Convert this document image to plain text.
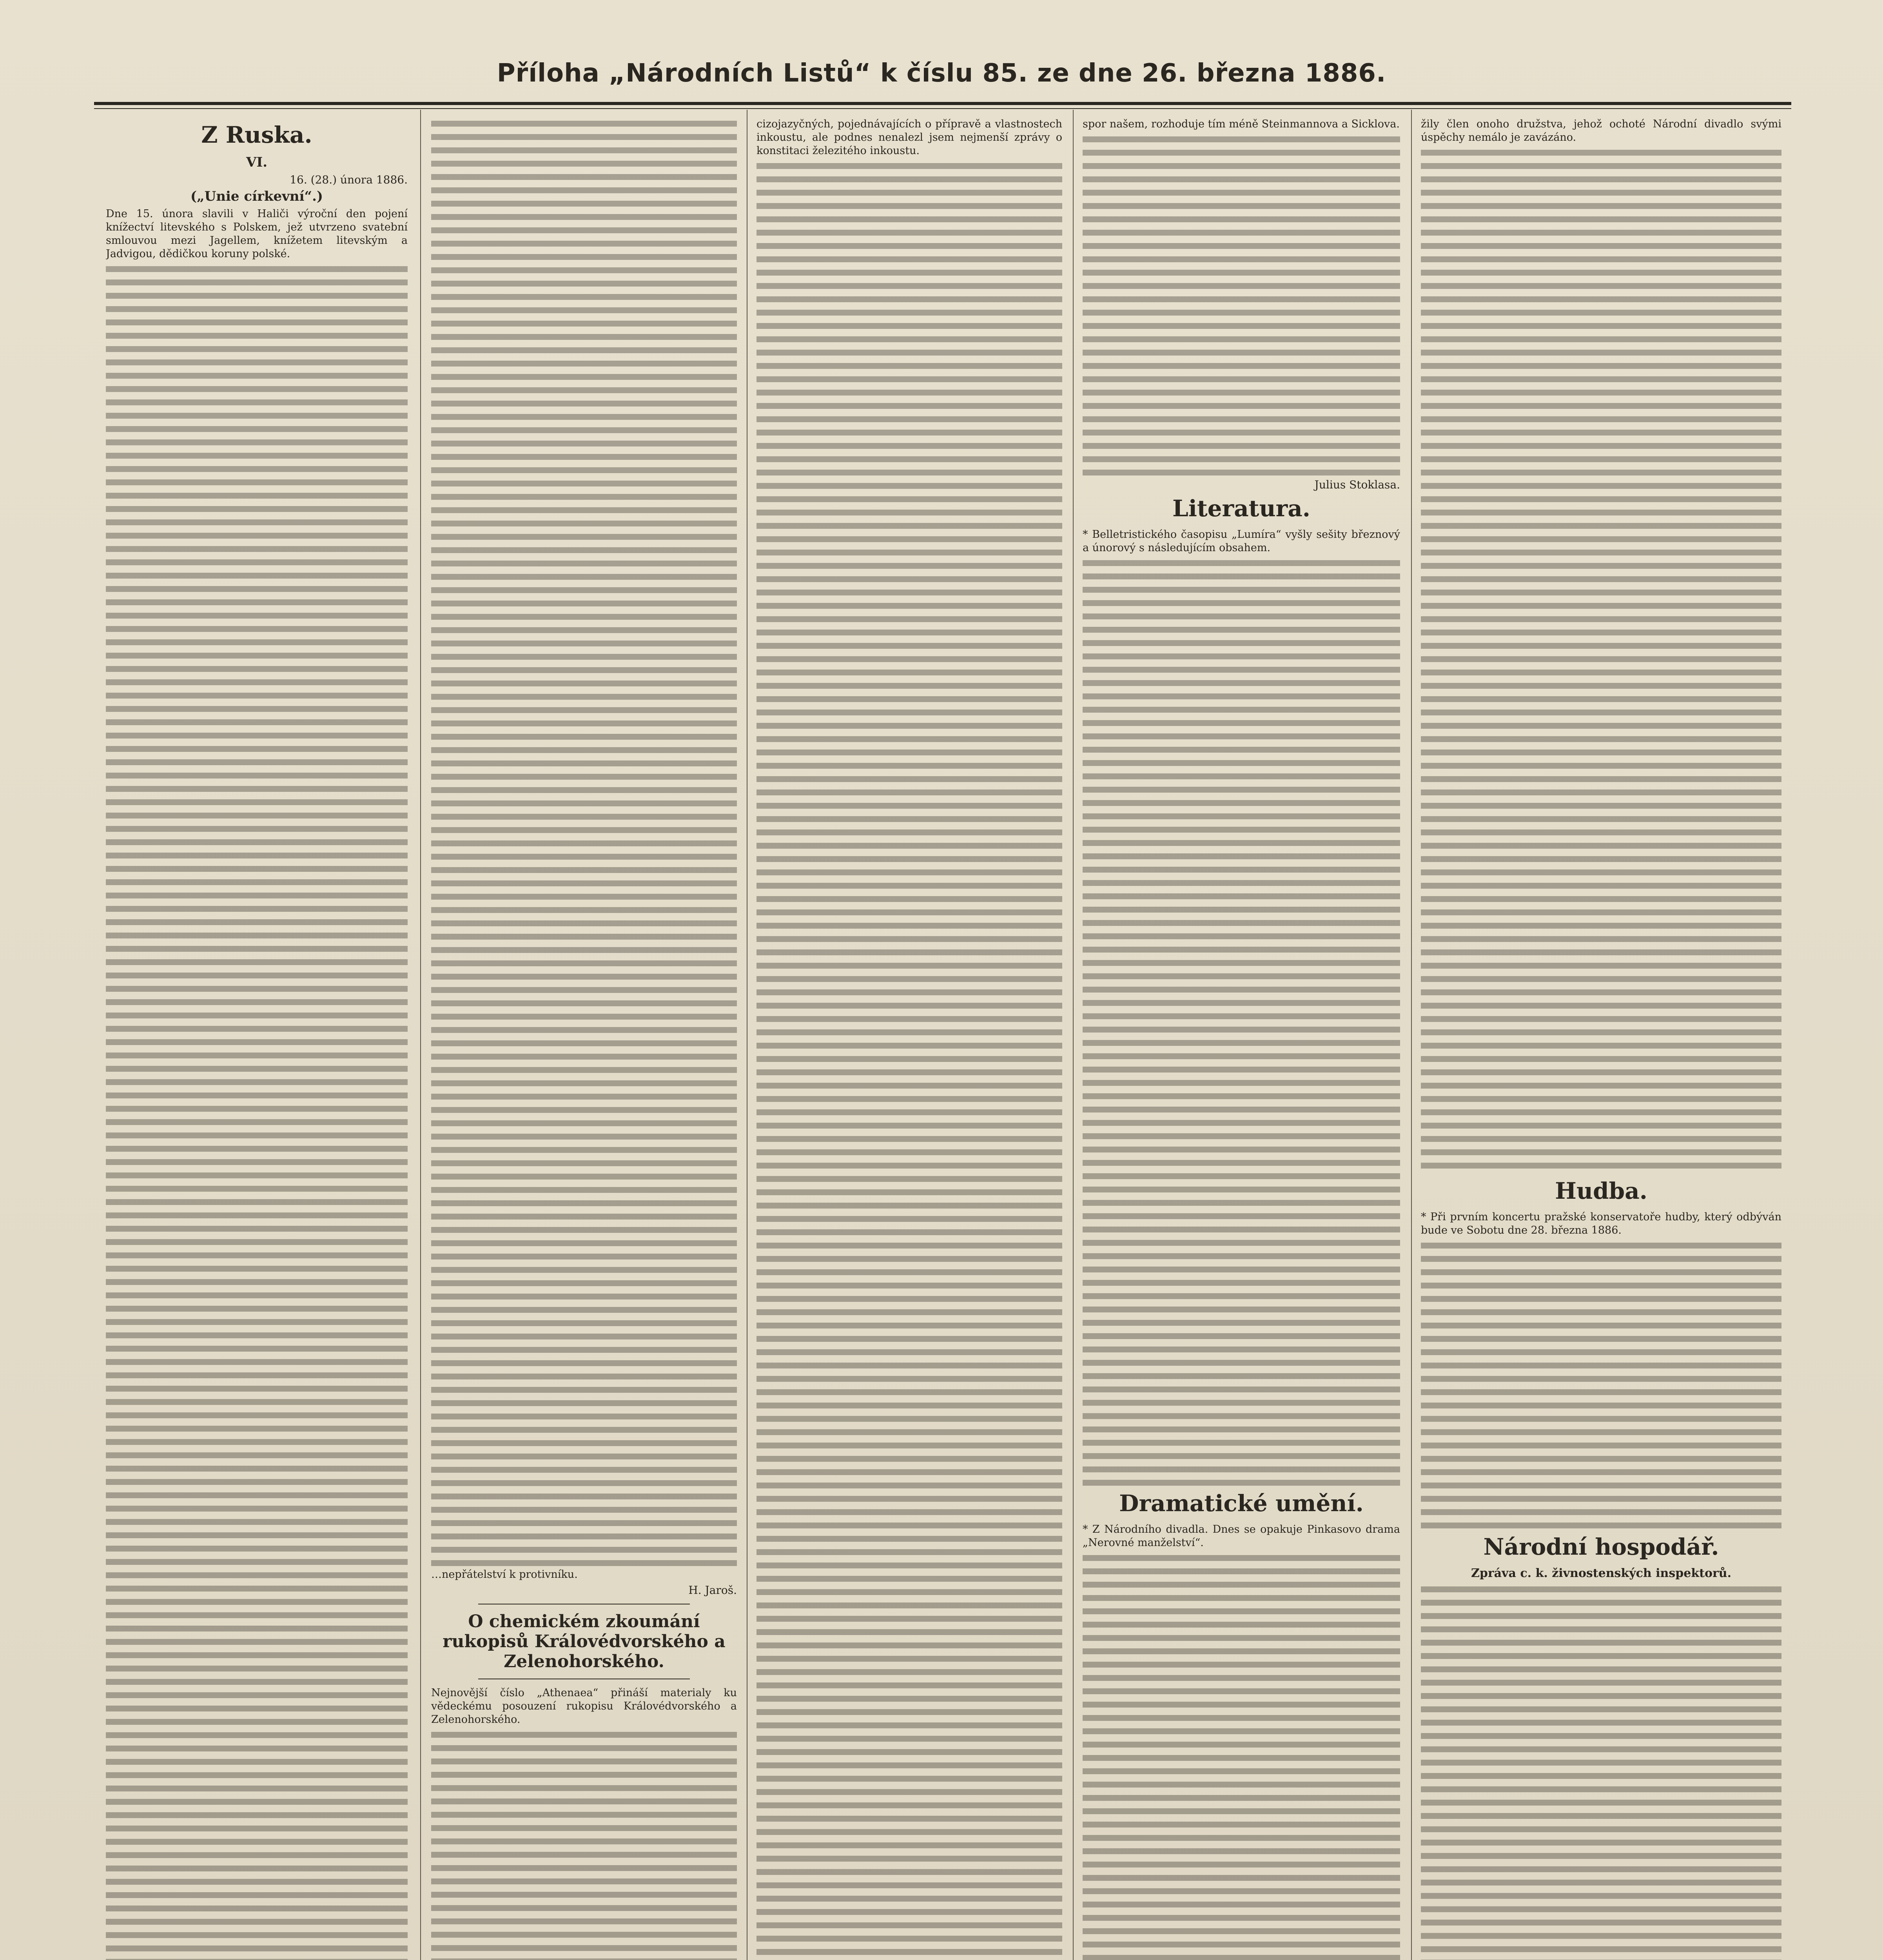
Příloha „Národních Listů“ k číslu 85. ze dne 26. března 1886.
Z Ruska.
VI.
16. (28.) února 1886.
(„Unie církevní“.)
Dne 15. února slavili v Haliči výroční den pojení knížectví litevského s Polskem, jež utvrzeno svatební smlouvou mezi Jagellem, knížetem litevským a Jadvigou, dědičkou koruny polské.
…nepřátelství k protivníku.
H. Jaroš.
O chemickém zkoumání rukopisů Královédvorského a Zelenohorského.
Nejnovější číslo „Athenaea“ přináší materialy ku vědeckému posouzení rukopisu Královédvorského a Zelenohorského.
cizojazyčných, pojednávajících o přípravě a vlastnostech inkoustu, ale podnes nenalezl jsem nejmenší zprávy o konstitaci železitého inkoustu.
spor našem, rozhoduje tím méně Steinmannova a Sicklova.
Julius Stoklasa.
Literatura.
* Belletristického časopisu „Lumíra“ vyšly sešity březnový a únorový s následujícím obsahem.
Dramatické umění.
* Z Národního divadla. Dnes se opakuje Pinkasovo drama „Nerovné manželství“.
žily člen onoho družstva, jehož ochoté Národní divadlo svými úspěchy nemálo je zavázáno.
Hudba.
* Při prvním koncertu pražské konservatoře hudby, který odbýván bude ve Sobotu dne 28. března 1886.
Národní hospodář.
Zpráva c. k. živnostenských inspektorů.
